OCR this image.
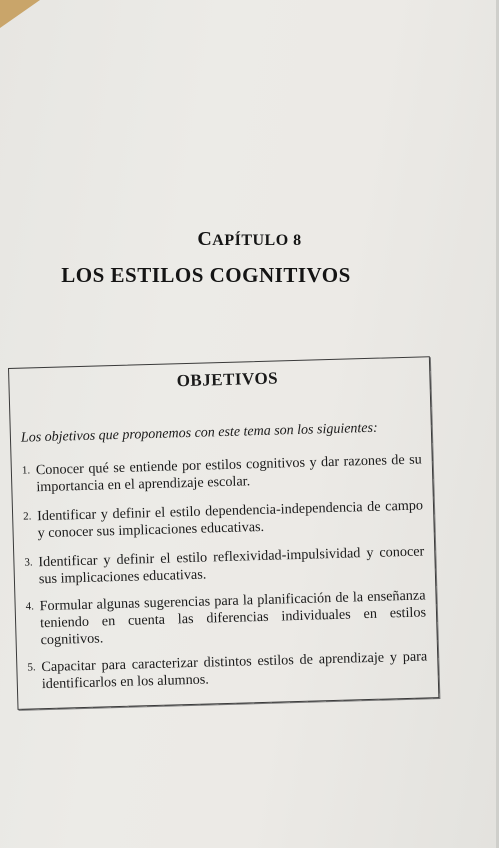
CAPÍTULO 8
LOS ESTILOS COGNITIVOS
OBJETIVOS
Los objetivos que proponemos con este tema son los siguientes:
1. Conocer qué se entiende por estilos cognitivos y dar razones de su importancia en el aprendizaje escolar.
2. Identificar y definir el estilo dependencia-independencia de campo y conocer sus implicaciones educativas.
3. Identificar y definir el estilo reflexividad-impulsividad y conocer sus implicaciones educativas.
4. Formular algunas sugerencias para la planificación de la enseñanza teniendo en cuenta las diferencias individuales en estilos cognitivos.
5. Capacitar para caracterizar distintos estilos de aprendizaje y para identificarlos en los alumnos.
